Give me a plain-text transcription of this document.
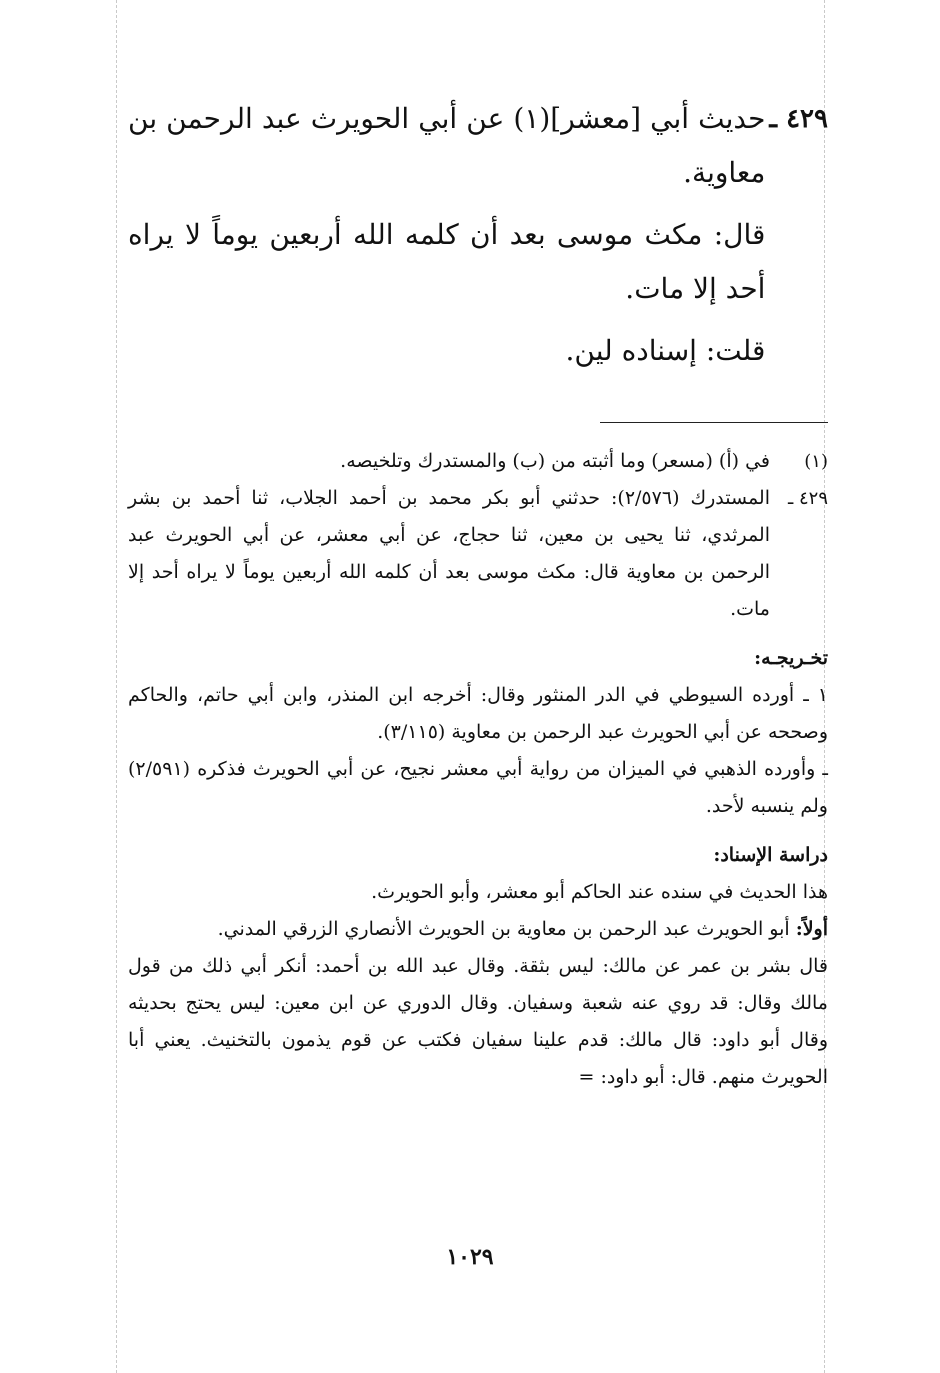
٤٢٩ ـ

حديث أبي [معشر](١) عن أبي الحويرث عبد الرحمن بن معاوية.

قال: مكث موسى بعد أن كلمه الله أربعين يوماً لا يراه أحد إلا مات.

قلت: إسناده لين.

(١)
في (أ) (مسعر) وما أثبته من (ب) والمستدرك وتلخيصه.
٤٢٩ ـ
المستدرك (٢/٥٧٦): حدثني أبو بكر محمد بن أحمد الجلاب، ثنا أحمد بن بشر المرثدي، ثنا يحيى بن معين، ثنا حجاج، عن أبي معشر، عن أبي الحويرث عبد الرحمن بن معاوية قال: مكث موسى بعد أن كلمه الله أربعين يوماً لا يراه أحد إلا مات.
تخـريجـه:

١ ـ أورده السيوطي في الدر المنثور وقال: أخرجه ابن المنذر، وابن أبي حاتم، والحاكم وصححه عن أبي الحويرث عبد الرحمن بن معاوية (٣/١١٥).

ـ وأورده الذهبي في الميزان من رواية أبي معشر نجيح، عن أبي الحويرث فذكره (٢/٥٩١) ولم ينسبه لأحد.

دراسة الإسناد:

هذا الحديث في سنده عند الحاكم أبو معشر، وأبو الحويرث.

أولاً: أبو الحويرث عبد الرحمن بن معاوية بن الحويرث الأنصاري الزرقي المدني.

قال بشر بن عمر عن مالك: ليس بثقة. وقال عبد الله بن أحمد: أنكر أبي ذلك من قول مالك وقال: قد روي عنه شعبة وسفيان. وقال الدوري عن ابن معين: ليس يحتج بحديثه وقال أبو داود: قال مالك: قدم علينا سفيان فكتب عن قوم يذمون بالتخنيث. يعني أبا الحويرث منهم. قال: أبو داود: =

١٠٢٩
